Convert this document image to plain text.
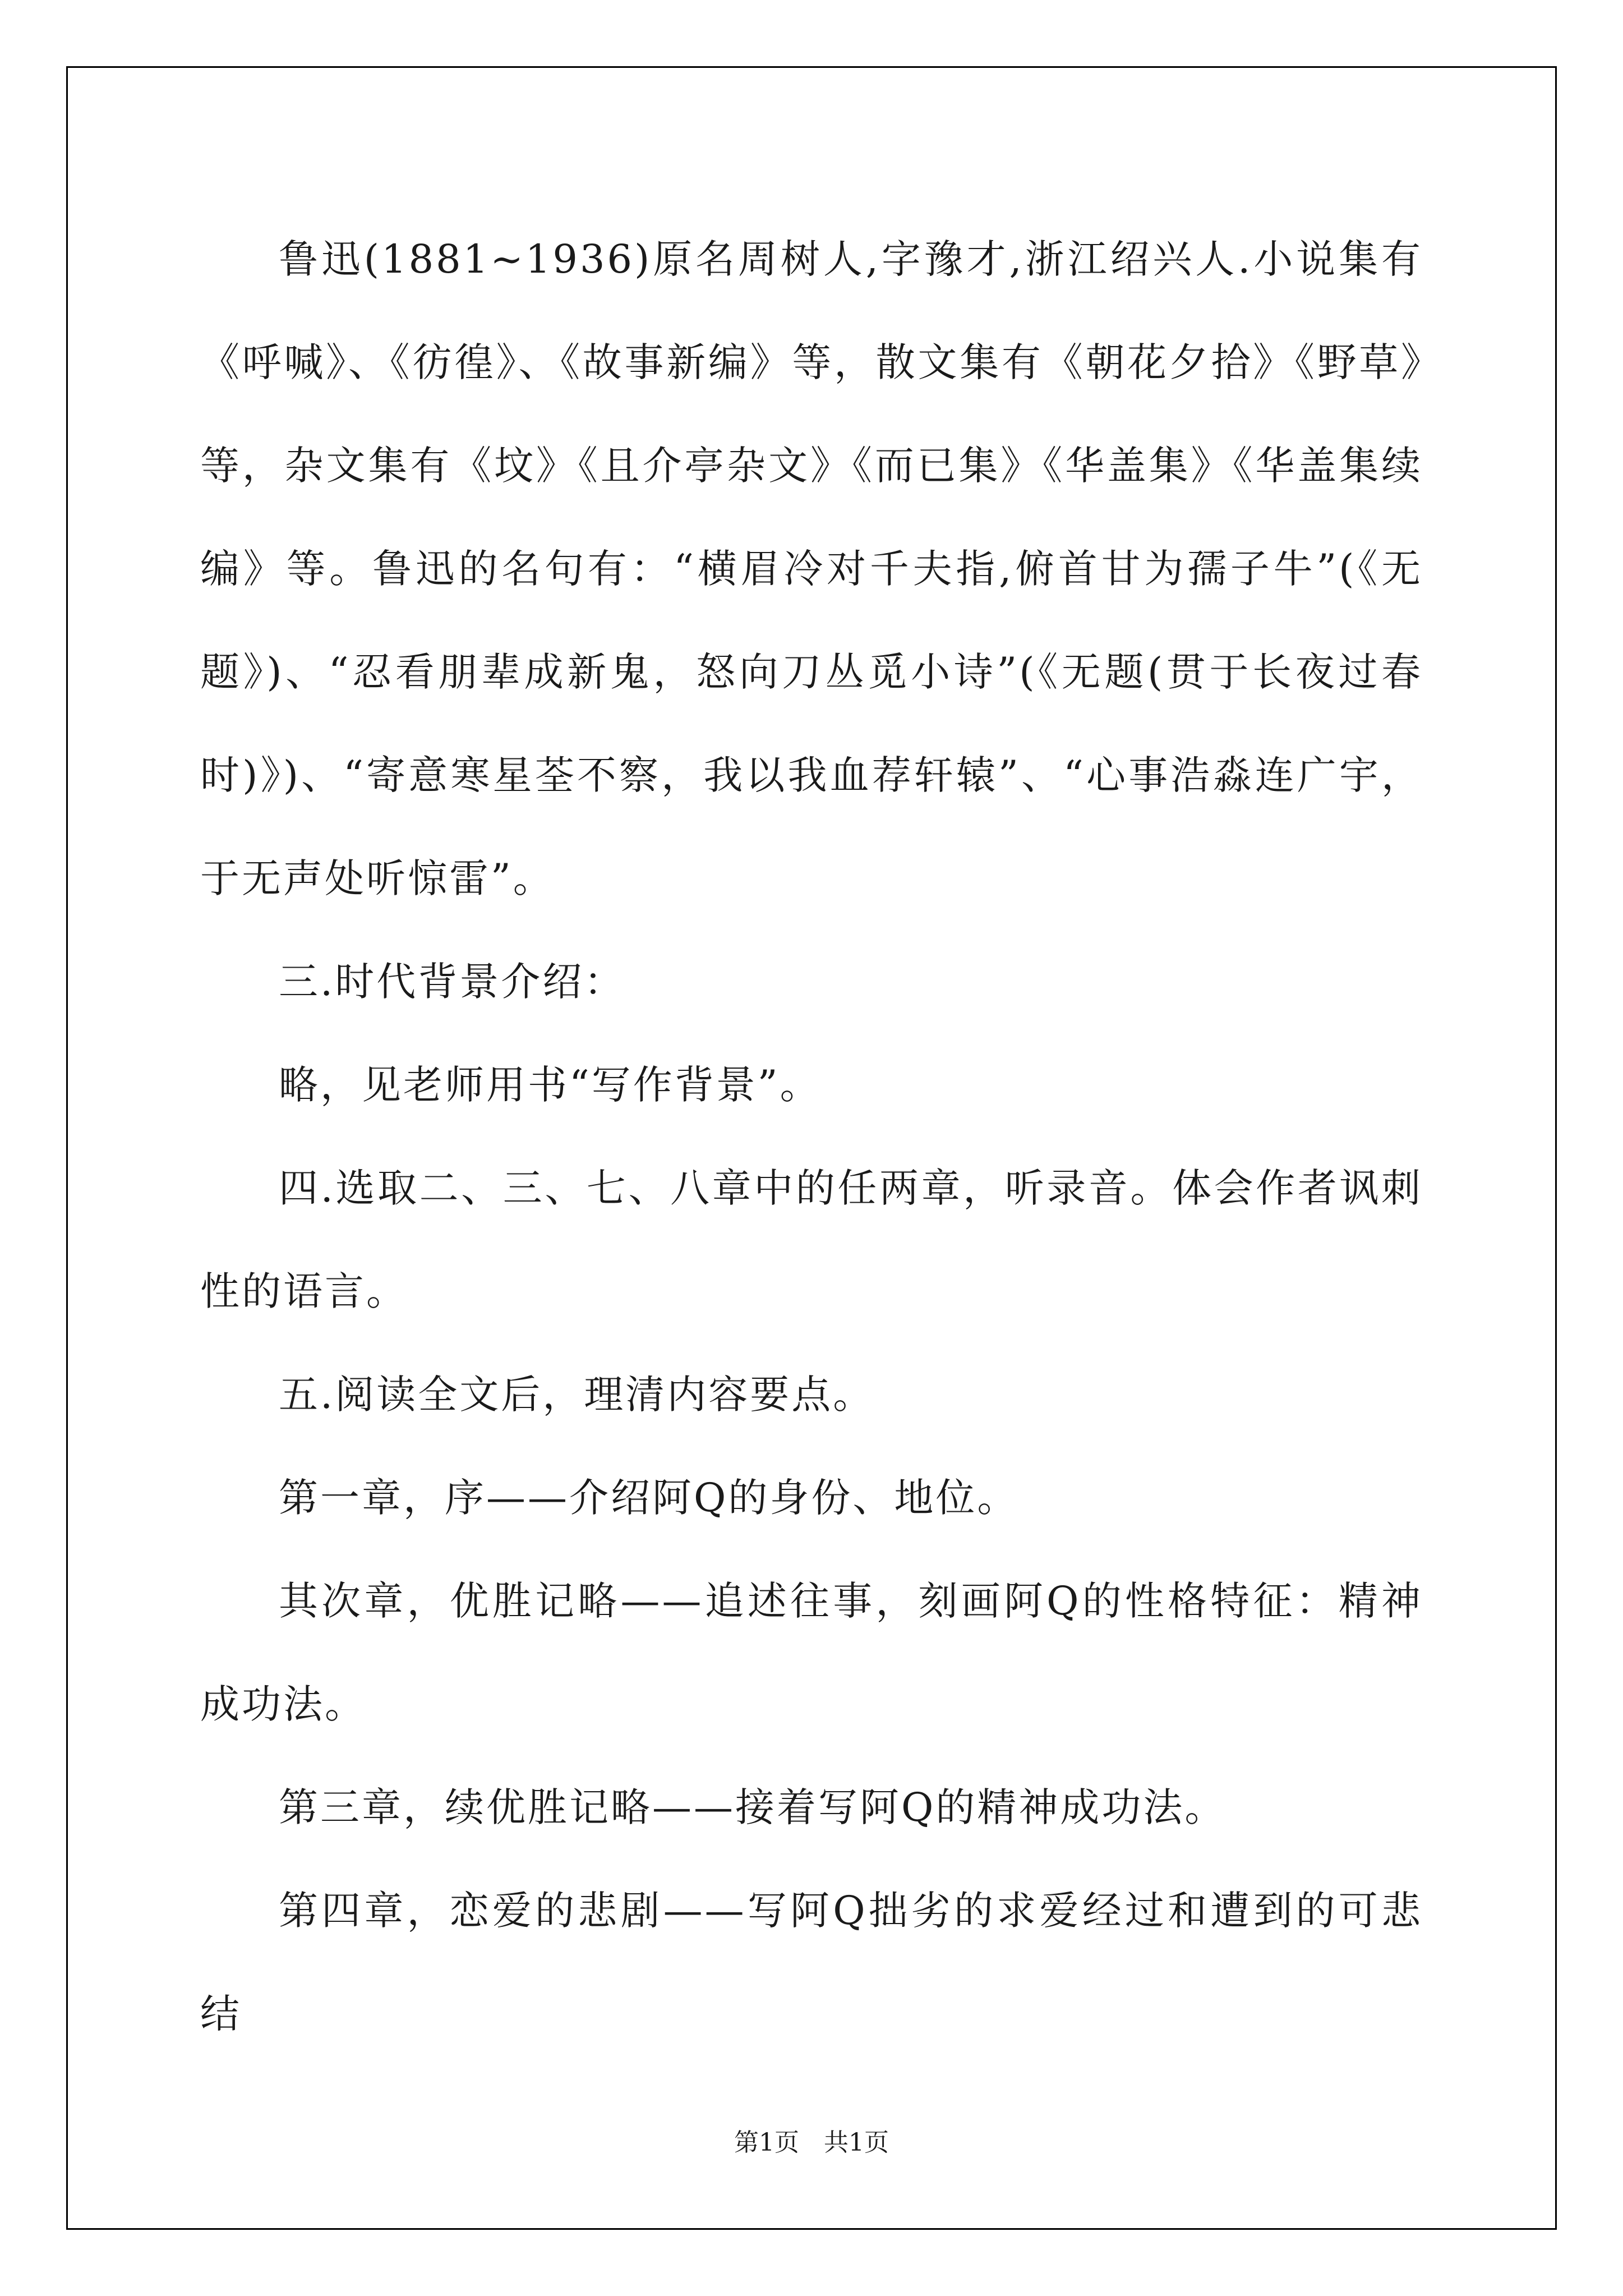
鲁迅(1881~1936)原名周树人,字豫才,浙江绍兴人.小说集有《呼喊》、《彷徨》、《故事新编》等，散文集有《朝花夕拾》《野草》等，杂文集有《坟》《且介亭杂文》《而已集》《华盖集》《华盖集续编》等。鲁迅的名句有：“横眉冷对千夫指,俯首甘为孺子牛”(《无题》)、“忍看朋辈成新鬼，怒向刀丛觅小诗”(《无题(贯于长夜过春时)》)、“寄意寒星荃不察，我以我血荐轩辕”、“心事浩淼连广宇，于无声处听惊雷”。

三.时代背景介绍：

略，见老师用书“写作背景”。

四.选取二、三、七、八章中的任两章，听录音。体会作者讽刺性的语言。

五.阅读全文后，理清内容要点。

第一章，序——介绍阿Q的身份、地位。

其次章，优胜记略——追述往事，刻画阿Q的性格特征：精神成功法。

第三章，续优胜记略——接着写阿Q的精神成功法。

第四章，恋爱的悲剧——写阿Q拙劣的求爱经过和遭到的可悲结

第1页　共1页
